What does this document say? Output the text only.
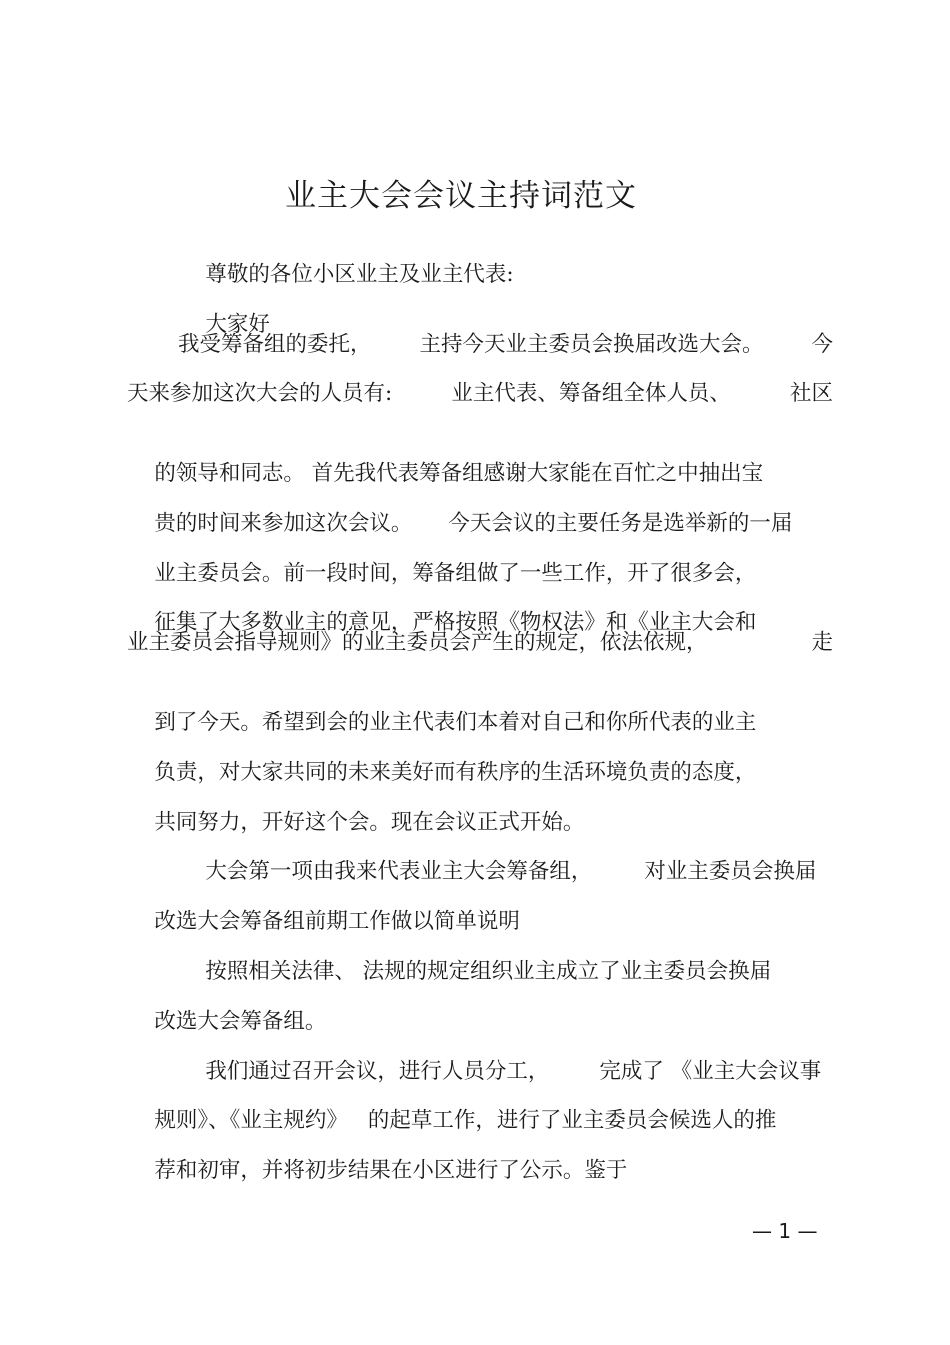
业主大会会议主持词范文

尊敬的各位小区业主及业主代表:

大家好

我受筹备组的委托， 主持今天业主委员会换届改选大会。 今
天来参加这次大会的人员有:	业主代表、筹备组全体人员、	社区

的领导和同志。 首先我代表筹备组感谢大家能在百忙之中抽出宝

贵的时间来参加这次会议。 今天会议的主要任务是选举新的一届

业主委员会。前一段时间，筹备组做了一些工作，开了很多会，

征集了大多数业主的意见，严格按照《物权法》和《业主大会和

业主委员会指导规则》的业主委员会产生的规定，依法依规，	走

到了今天。希望到会的业主代表们本着对自己和你所代表的业主

负责，对大家共同的未来美好而有秩序的生活环境负责的态度，

共同努力，开好这个会。现在会议正式开始。

大会第一项由我来代表业主大会筹备组， 对业主委员会换届

改选大会筹备组前期工作做以简单说明

按照相关法律、 法规的规定组织业主成立了业主委员会换届

改选大会筹备组。

我们通过召开会议，进行人员分工， 完成了 《业主大会议事

规则》、《业主规约》 的起草工作，进行了业主委员会候选人的推

荐和初审，并将初步结果在小区进行了公示。鉴于

— 1 —
